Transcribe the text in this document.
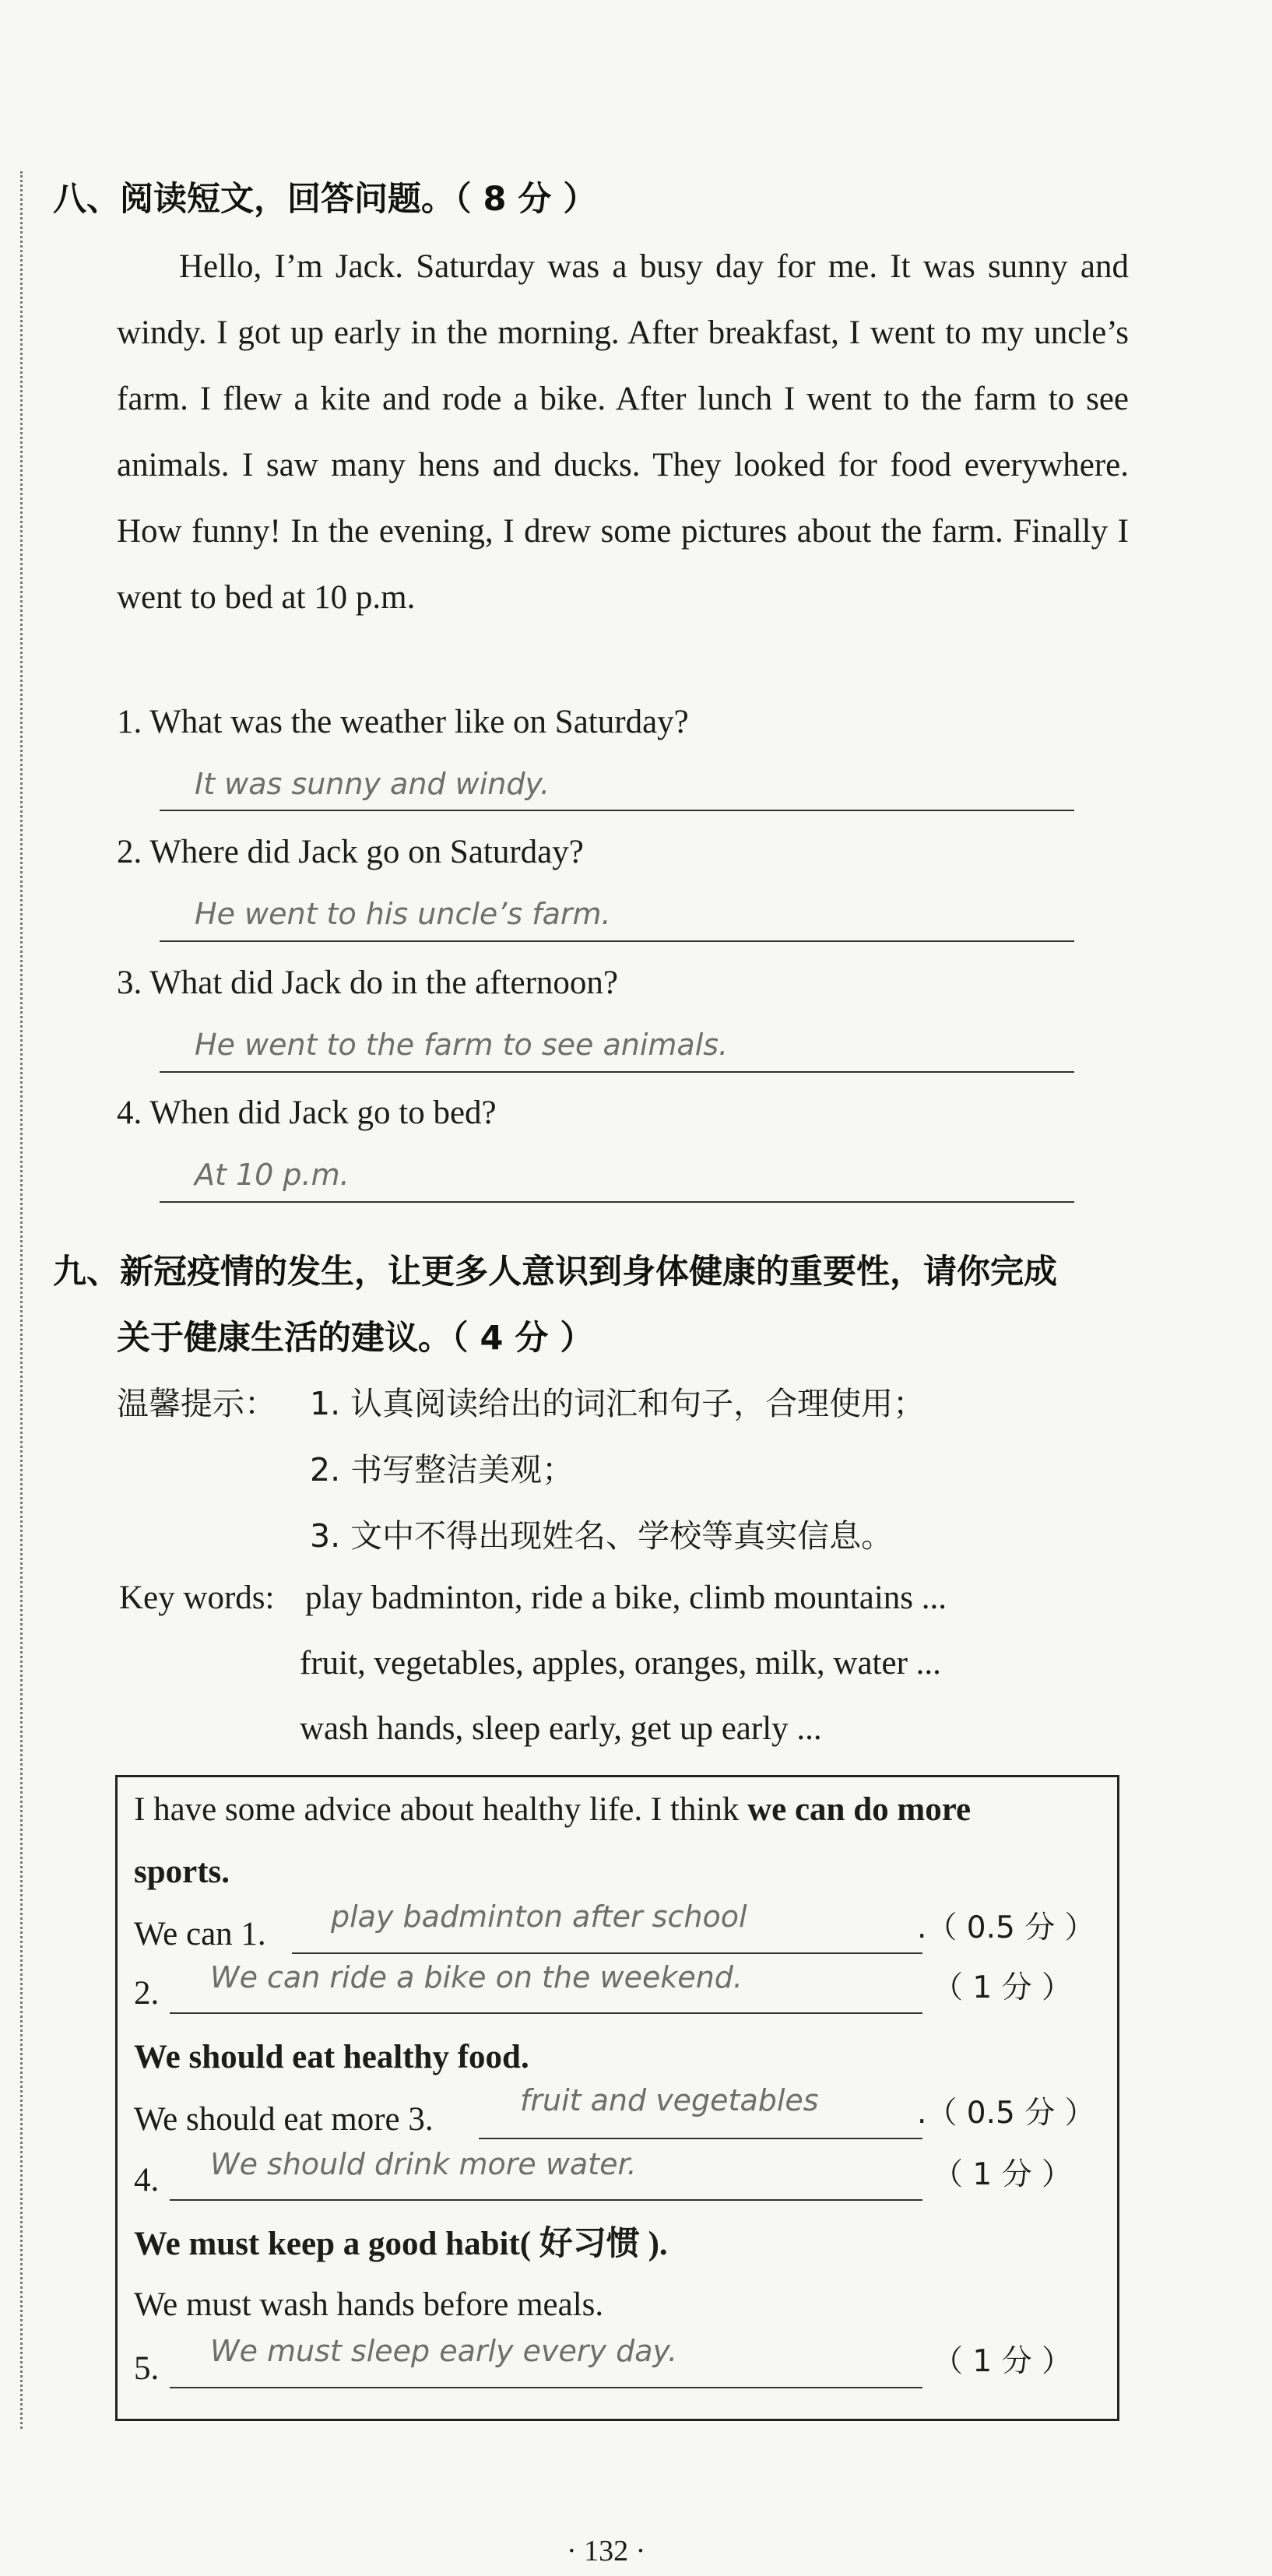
八、阅读短文，回答问题。（ 8 分 ）

Hello, I’m Jack. Saturday was a busy day for me. It was sunny and windy. I got up early in the morning. After breakfast, I went to my uncle’s farm. I flew a kite and rode a bike. After lunch I went to the farm to see animals. I saw many hens and ducks. They looked for food everywhere. How funny! In the evening, I drew some pictures about the farm. Finally I went to bed at 10 p.m.

1. What was the weather like on Saturday?
It was sunny and windy.
2. Where did Jack go on Saturday?
He went to his uncle’s farm.
3. What did Jack do in the afternoon?
He went to the farm to see animals.
4. When did Jack go to bed?
At 10 p.m.
九、新冠疫情的发生，让更多人意识到身体健康的重要性，请你完成
关于健康生活的建议。（ 4 分 ）
温馨提示： 1. 认真阅读给出的词汇和句子，合理使用；
2. 书写整洁美观；
3. 文中不得出现姓名、学校等真实信息。
Key words: play badminton, ride a bike, climb mountains ...
fruit, vegetables, apples, oranges, milk, water ...
wash hands, sleep early, get up early ...
I have some advice about healthy life. I think we can do more
sports.
We can 1. play badminton after school	.（ 0.5 分 ）
2. We can ride a bike on the weekend.	（ 1 分 ）
We should eat healthy food.
We should eat more 3.
fruit and vegetables	.（ 0.5 分 ）
4. We should drink more water.	（ 1 分 ）
We must keep a good habit( 好习惯 ).
We must wash hands before meals.
5. We must sleep early every day.	（ 1 分 ）
· 132 ·
